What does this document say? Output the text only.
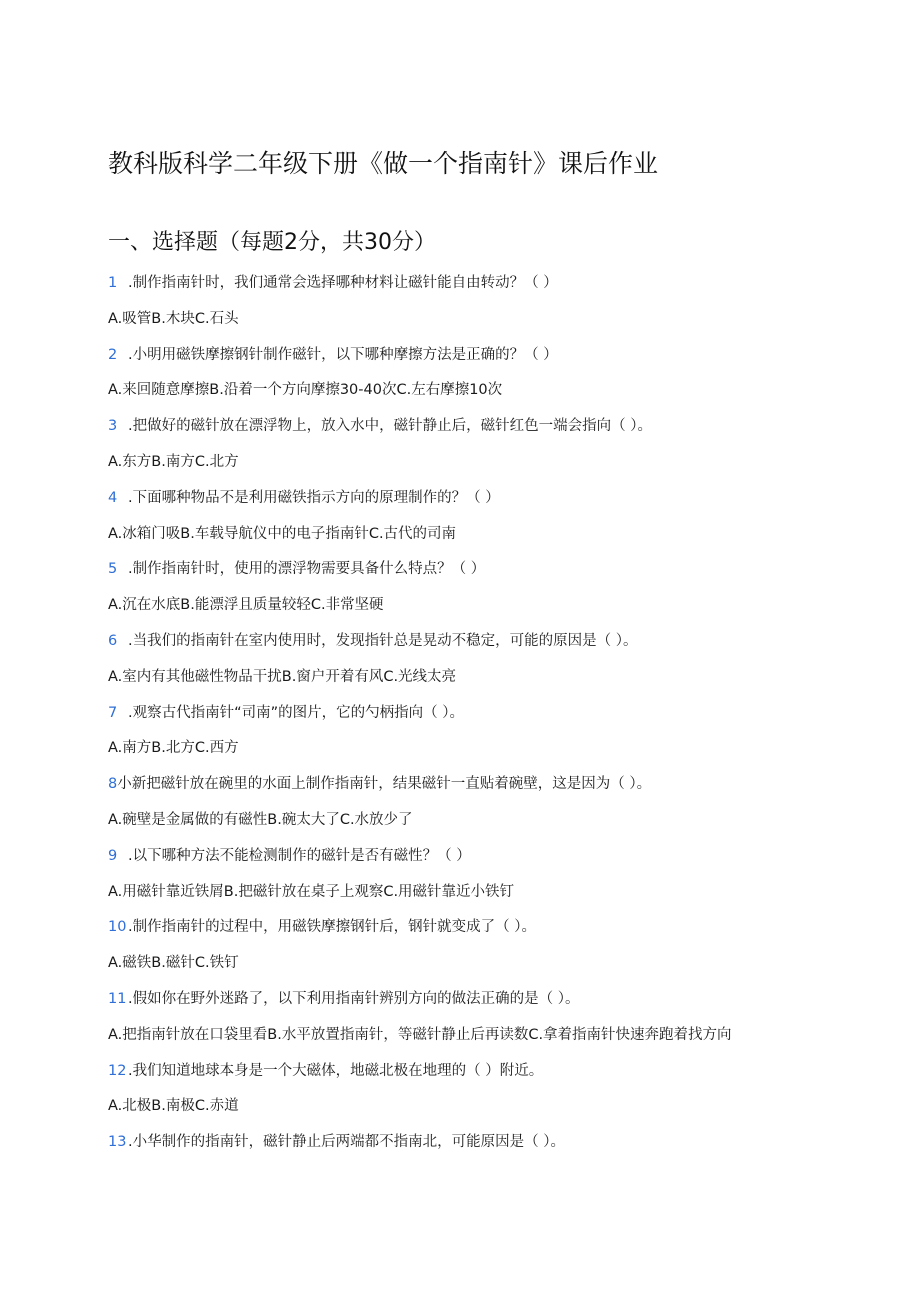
教科版科学二年级下册《做一个指南针》课后作业
一、选择题（每题2分，共30分）
1 .制作指南针时，我们通常会选择哪种材料让磁针能自由转动？（ ）
A.吸管B.木块C.石头
2 .小明用磁铁摩擦钢针制作磁针，以下哪种摩擦方法是正确的？（ ）
A.来回随意摩擦B.沿着一个方向摩擦30-40次C.左右摩擦10次
3 .把做好的磁针放在漂浮物上，放入水中，磁针静止后，磁针红色一端会指向（ ）。
A.东方B.南方C.北方
4 .下面哪种物品不是利用磁铁指示方向的原理制作的？（ ）
A.冰箱门吸B.车载导航仪中的电子指南针C.古代的司南
5 .制作指南针时，使用的漂浮物需要具备什么特点？（ ）
A.沉在水底B.能漂浮且质量较轻C.非常坚硬
6 .当我们的指南针在室内使用时，发现指针总是晃动不稳定，可能的原因是（ ）。
A.室内有其他磁性物品干扰B.窗户开着有风C.光线太亮
7 .观察古代指南针“司南”的图片，它的勺柄指向（ ）。
A.南方B.北方C.西方
8小新把磁针放在碗里的水面上制作指南针，结果磁针一直贴着碗壁，这是因为（ ）。
A.碗壁是金属做的有磁性B.碗太大了C.水放少了
9 .以下哪种方法不能检测制作的磁针是否有磁性？（ ）
A.用磁针靠近铁屑B.把磁针放在桌子上观察C.用磁针靠近小铁钉
10 .制作指南针的过程中，用磁铁摩擦钢针后，钢针就变成了（ ）。
A.磁铁B.磁针C.铁钉
11 .假如你在野外迷路了，以下利用指南针辨别方向的做法正确的是（ ）。
A.把指南针放在口袋里看B.水平放置指南针，等磁针静止后再读数C.拿着指南针快速奔跑着找方向
12 .我们知道地球本身是一个大磁体，地磁北极在地理的（ ）附近。
A.北极B.南极C.赤道
13 .小华制作的指南针，磁针静止后两端都不指南北，可能原因是（ ）。
